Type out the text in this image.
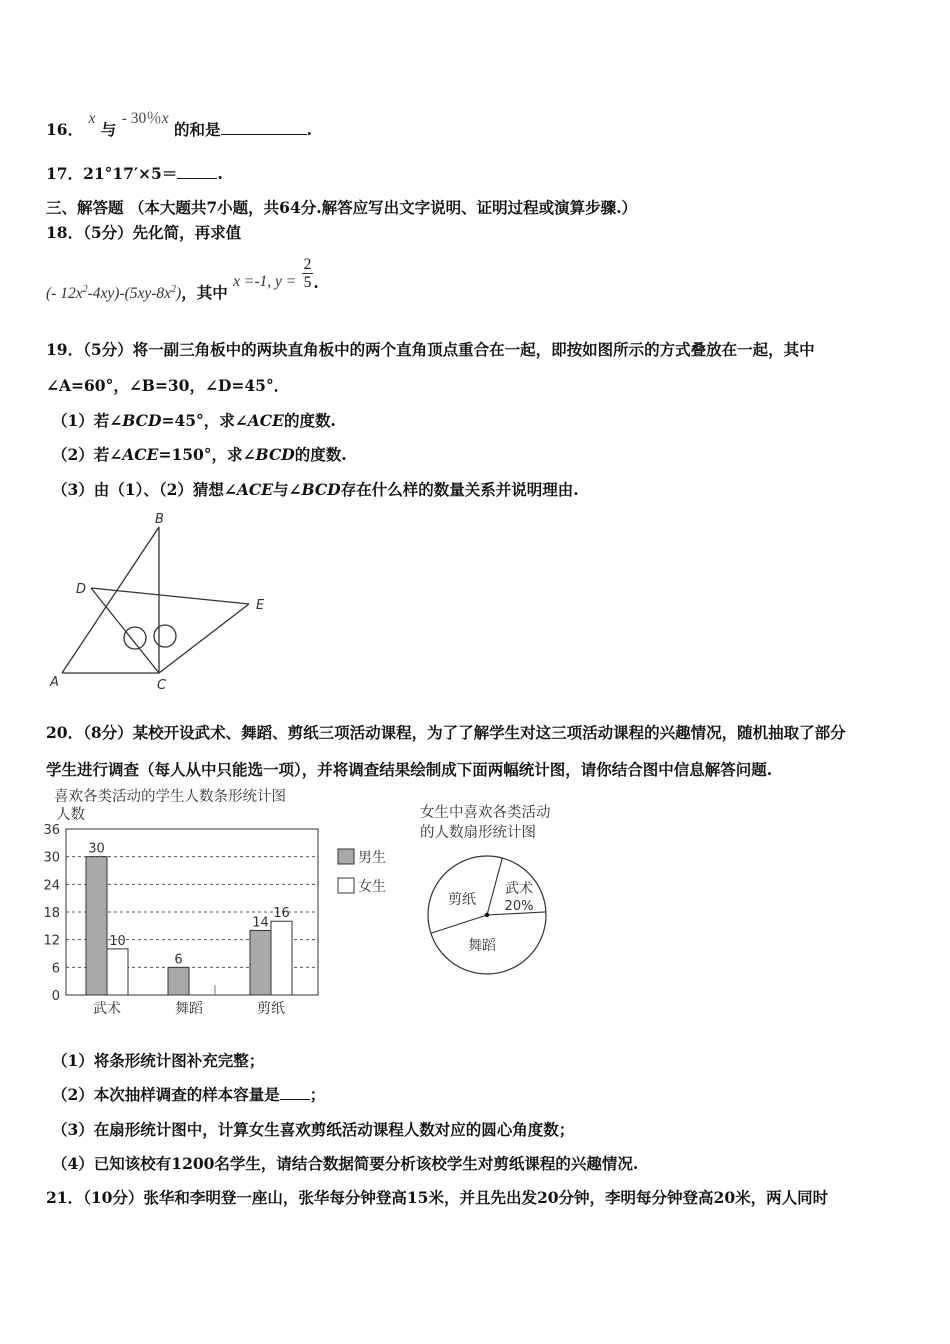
16． x 与 - 30％x 的和是	.
17．21°17′×5＝	.
三、解答题 （本大题共7小题，共64分.解答应写出文字说明、证明过程或演算步骤.）
18．（5分）先化简，再求值
(- $12x^2-4xy)-(5xy-8x^2)$，其中 x =-1, $y = \frac{2}{5}$ .
19．（5分）将一副三角板中的两块直角板中的两个直角顶点重合在一起，即按如图所示的方式叠放在一起，其中
∠A=60°，∠B=30，∠D=45°．
（1）若∠BCD=45°，求∠ACE的度数.
（2）若∠ACE=150°，求∠BCD的度数.
（3）由（1）、（2）猜想∠ACE与∠BCD存在什么样的数量关系并说明理由.
B
D
E
A	C
20．（8分）某校开设武术、舞蹈、剪纸三项活动课程，为了了解学生对这三项活动课程的兴趣情况，随机抽取了部分
学生进行调查（每人从中只能选一项），并将调查结果绘制成下面两幅统计图，请你结合图中信息解答问题.
喜欢各类活动的学生人数条形统计图
人数
0
6
12
18
24
30
36
武术
30
10
舞蹈
6
剪纸
14
16
男生
女生
女生中喜欢各类活动
的人数扇形统计图
武术
20%
剪纸
舞蹈
（1）将条形统计图补充完整；
（2）本次抽样调查的样本容量是 ；
（3）在扇形统计图中，计算女生喜欢剪纸活动课程人数对应的圆心角度数；
（4）已知该校有1200名学生，请结合数据简要分析该校学生对剪纸课程的兴趣情况.
21．（10分）张华和李明登一座山，张华每分钟登高15米，并且先出发20分钟，李明每分钟登高20米，两人同时
